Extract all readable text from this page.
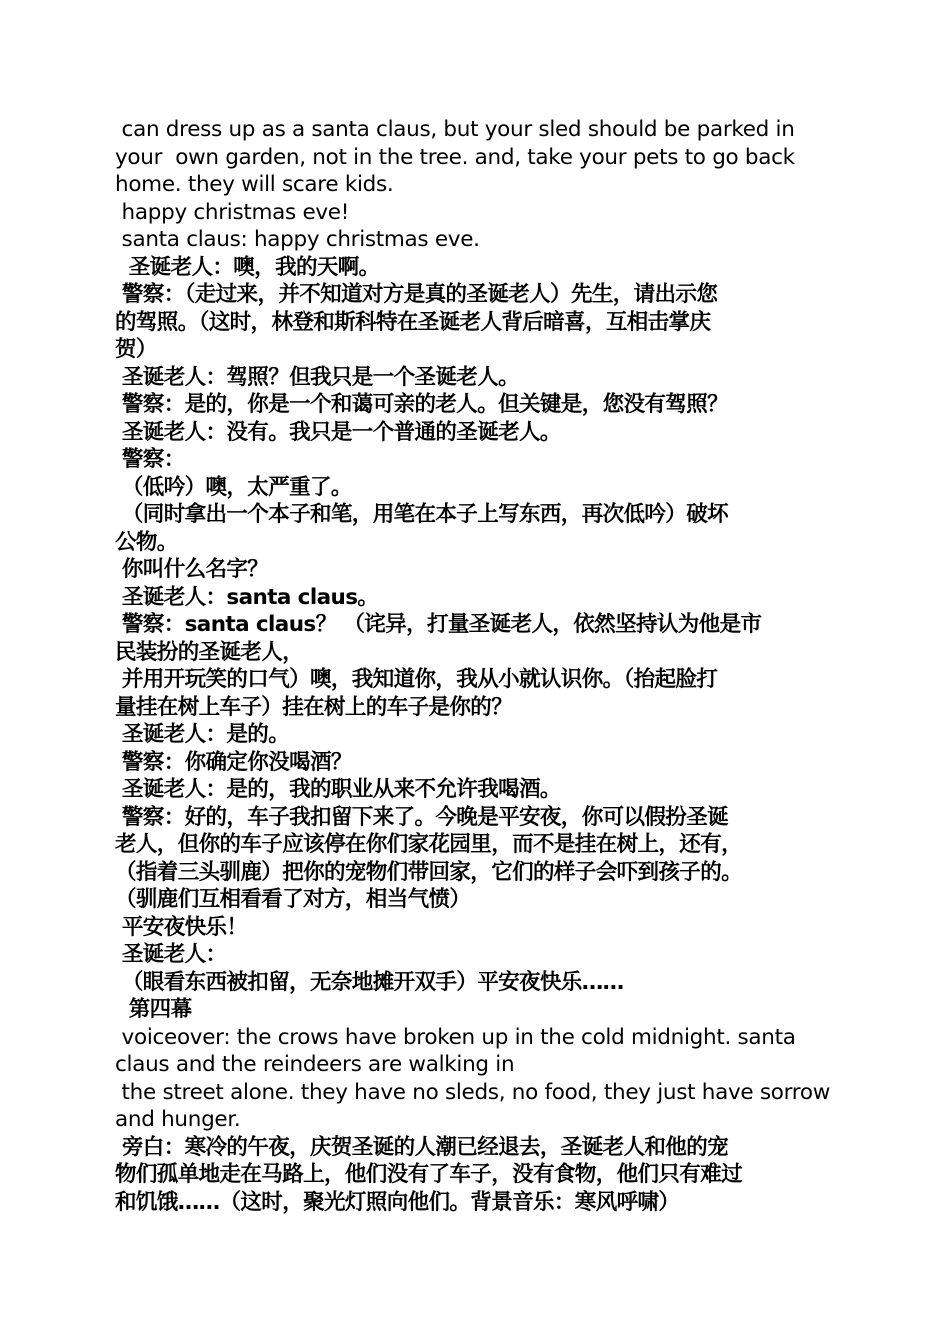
can dress up as a santa claus, but your sled should be parked in
your  own garden, not in the tree. and, take your pets to go back
home. they will scare kids.
happy christmas eve!
santa claus: happy christmas eve.
圣诞老人：噢，我的天啊。
警察：（走过来，并不知道对方是真的圣诞老人）先生，请出示您
的驾照。（这时，林登和斯科特在圣诞老人背后暗喜，互相击掌庆
贺）
圣诞老人：驾照？但我只是一个圣诞老人。
警察：是的，你是一个和蔼可亲的老人。但关键是，您没有驾照？
圣诞老人：没有。我只是一个普通的圣诞老人。
警察：
（低吟）噢，太严重了。
（同时拿出一个本子和笔，用笔在本子上写东西，再次低吟）破坏
公物。
你叫什么名字？
圣诞老人：santa claus。
警察：santa claus？ （诧异，打量圣诞老人，依然坚持认为他是市
民装扮的圣诞老人，
并用开玩笑的口气）噢，我知道你，我从小就认识你。（抬起脸打
量挂在树上车子）挂在树上的车子是你的？
圣诞老人：是的。
警察：你确定你没喝酒？
圣诞老人：是的，我的职业从来不允许我喝酒。
警察：好的，车子我扣留下来了。今晚是平安夜，你可以假扮圣诞
老人，但你的车子应该停在你们家花园里，而不是挂在树上，还有，
（指着三头驯鹿）把你的宠物们带回家，它们的样子会吓到孩子的。
（驯鹿们互相看看了对方，相当气愤）
平安夜快乐！
圣诞老人：
（眼看东西被扣留，无奈地摊开双手）平安夜快乐……
第四幕
voiceover: the crows have broken up in the cold midnight. santa
claus and the reindeers are walking in
the street alone. they have no sleds, no food, they just have sorrow
and hunger.
旁白：寒冷的午夜，庆贺圣诞的人潮已经退去，圣诞老人和他的宠
物们孤单地走在马路上，他们没有了车子，没有食物，他们只有难过
和饥饿……（这时，聚光灯照向他们。背景音乐：寒风呼啸）
